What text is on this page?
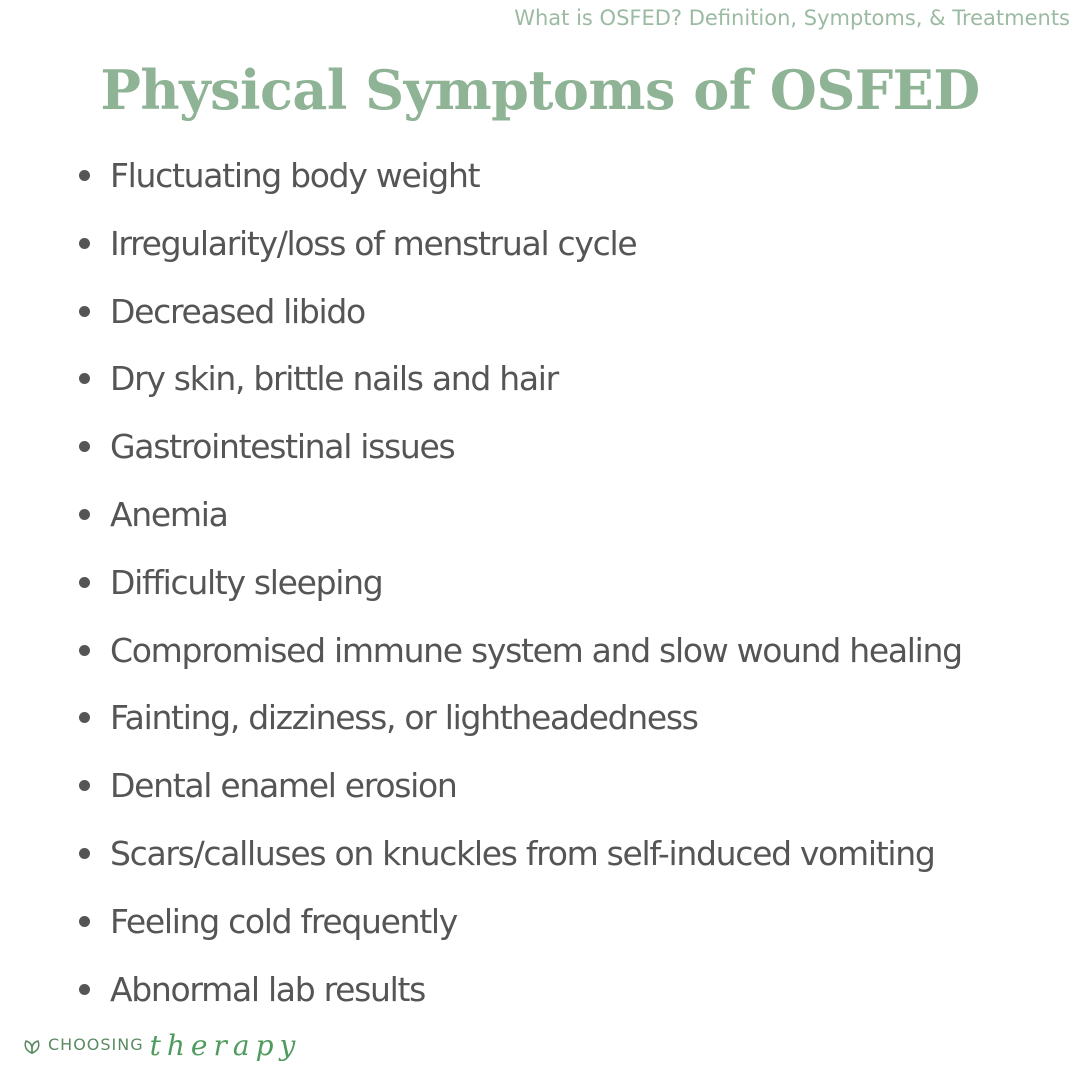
What is OSFED? Definition, Symptoms, & Treatments
Physical Symptoms of OSFED
Fluctuating body weight
Irregularity/loss of menstrual cycle
Decreased libido
Dry skin, brittle nails and hair
Gastrointestinal issues
Anemia
Difficulty sleeping
Compromised immune system and slow wound healing
Fainting, dizziness, or lightheadedness
Dental enamel erosion
Scars/calluses on knuckles from self-induced vomiting
Feeling cold frequently
Abnormal lab results
CHOOSING therapy
